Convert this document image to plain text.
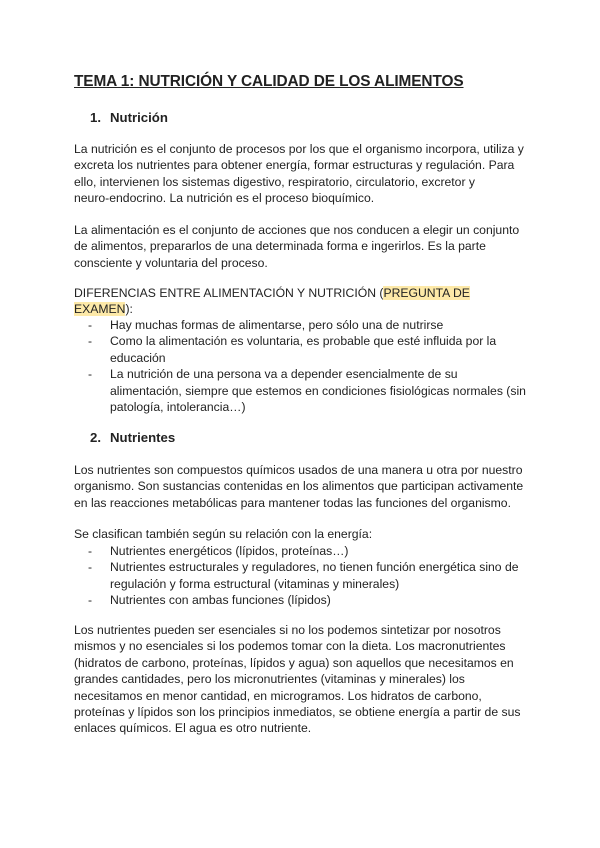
TEMA 1: NUTRICIÓN Y CALIDAD DE LOS ALIMENTOS
1. Nutrición
La nutrición es el conjunto de procesos por los que el organismo incorpora, utiliza y
excreta los nutrientes para obtener energía, formar estructuras y regulación. Para
ello, intervienen los sistemas digestivo, respiratorio, circulatorio, excretor y
neuro-endocrino. La nutrición es el proceso bioquímico.
La alimentación es el conjunto de acciones que nos conducen a elegir un conjunto
de alimentos, prepararlos de una determinada forma e ingerirlos. Es la parte
consciente y voluntaria del proceso.
DIFERENCIAS ENTRE ALIMENTACIÓN Y NUTRICIÓN (PREGUNTA DE
EXAMEN):
- Hay muchas formas de alimentarse, pero sólo una de nutrirse
- Como la alimentación es voluntaria, es probable que esté influida por la
educación
- La nutrición de una persona va a depender esencialmente de su
alimentación, siempre que estemos en condiciones fisiológicas normales (sin
patología, intolerancia…)
2. Nutrientes
Los nutrientes son compuestos químicos usados de una manera u otra por nuestro
organismo. Son sustancias contenidas en los alimentos que participan activamente
en las reacciones metabólicas para mantener todas las funciones del organismo.
Se clasifican también según su relación con la energía:
- Nutrientes energéticos (lípidos, proteínas…)
- Nutrientes estructurales y reguladores, no tienen función energética sino de
regulación y forma estructural (vitaminas y minerales)
- Nutrientes con ambas funciones (lípidos)
Los nutrientes pueden ser esenciales si no los podemos sintetizar por nosotros
mismos y no esenciales si los podemos tomar con la dieta. Los macronutrientes
(hidratos de carbono, proteínas, lípidos y agua) son aquellos que necesitamos en
grandes cantidades, pero los micronutrientes (vitaminas y minerales) los
necesitamos en menor cantidad, en microgramos. Los hidratos de carbono,
proteínas y lípidos son los principios inmediatos, se obtiene energía a partir de sus
enlaces químicos. El agua es otro nutriente.
